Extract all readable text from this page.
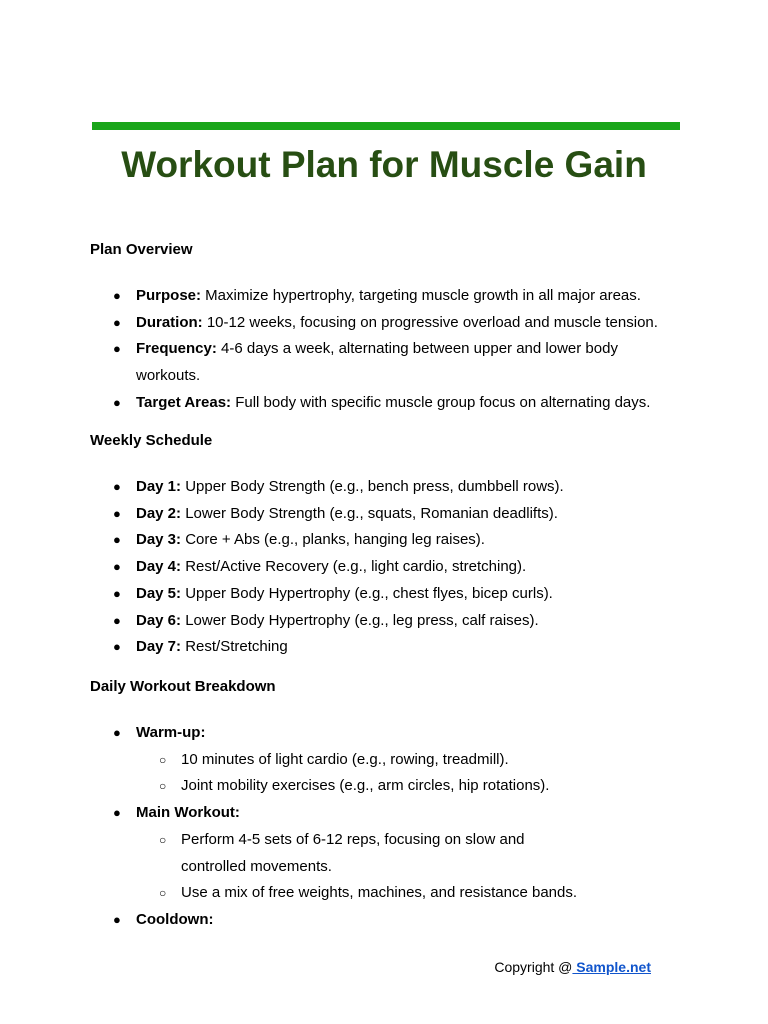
Workout Plan for Muscle Gain

Plan Overview

● Purpose: Maximize hypertrophy, targeting muscle growth in all major areas.
● Duration: 10-12 weeks, focusing on progressive overload and muscle tension.
● Frequency: 4-6 days a week, alternating between upper and lower body workouts.
● Target Areas: Full body with specific muscle group focus on alternating days.

Weekly Schedule

● Day 1: Upper Body Strength (e.g., bench press, dumbbell rows).
● Day 2: Lower Body Strength (e.g., squats, Romanian deadlifts).
● Day 3: Core + Abs (e.g., planks, hanging leg raises).
● Day 4: Rest/Active Recovery (e.g., light cardio, stretching).
● Day 5: Upper Body Hypertrophy (e.g., chest flyes, bicep curls).
● Day 6: Lower Body Hypertrophy (e.g., leg press, calf raises).
● Day 7: Rest/Stretching

Daily Workout Breakdown

● Warm-up:
○ 10 minutes of light cardio (e.g., rowing, treadmill).
○ Joint mobility exercises (e.g., arm circles, hip rotations).
● Main Workout:
○ Perform 4-5 sets of 6-12 reps, focusing on slow and controlled movements.
○ Use a mix of free weights, machines, and resistance bands.
● Cooldown:
Copyright @ Sample.net
